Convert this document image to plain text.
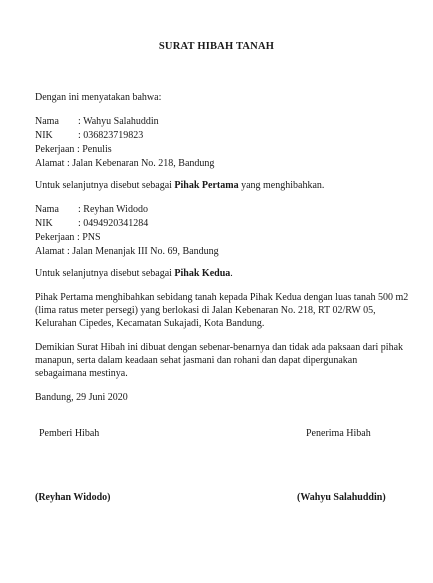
SURAT HIBAH TANAH
Dengan ini menyatakan bahwa:
Nama : Wahyu Salahuddin
NIK	: 036823719823
Pekerjaan : Penulis
Alamat : Jalan Kebenaran No. 218, Bandung
Untuk selanjutnya disebut sebagai Pihak Pertama yang menghibahkan.
Nama : Reyhan Widodo
NIK	: 0494920341284
Pekerjaan : PNS
Alamat : Jalan Menanjak III No. 69, Bandung
Untuk selanjutnya disebut sebagai Pihak Kedua.
Pihak Pertama menghibahkan sebidang tanah kepada Pihak Kedua dengan luas tanah 500 m2
(lima ratus meter persegi) yang berlokasi di Jalan Kebenaran No. 218, RT 02/RW 05,
Kelurahan Cipedes, Kecamatan Sukajadi, Kota Bandung.
Demikian Surat Hibah ini dibuat dengan sebenar-benarnya dan tidak ada paksaan dari pihak
manapun, serta dalam keadaan sehat jasmani dan rohani dan dapat dipergunakan
sebagaimana mestinya.
Bandung, 29 Juni 2020
Pemberi Hibah	Penerima Hibah
(Reyhan Widodo)	(Wahyu Salahuddin)
